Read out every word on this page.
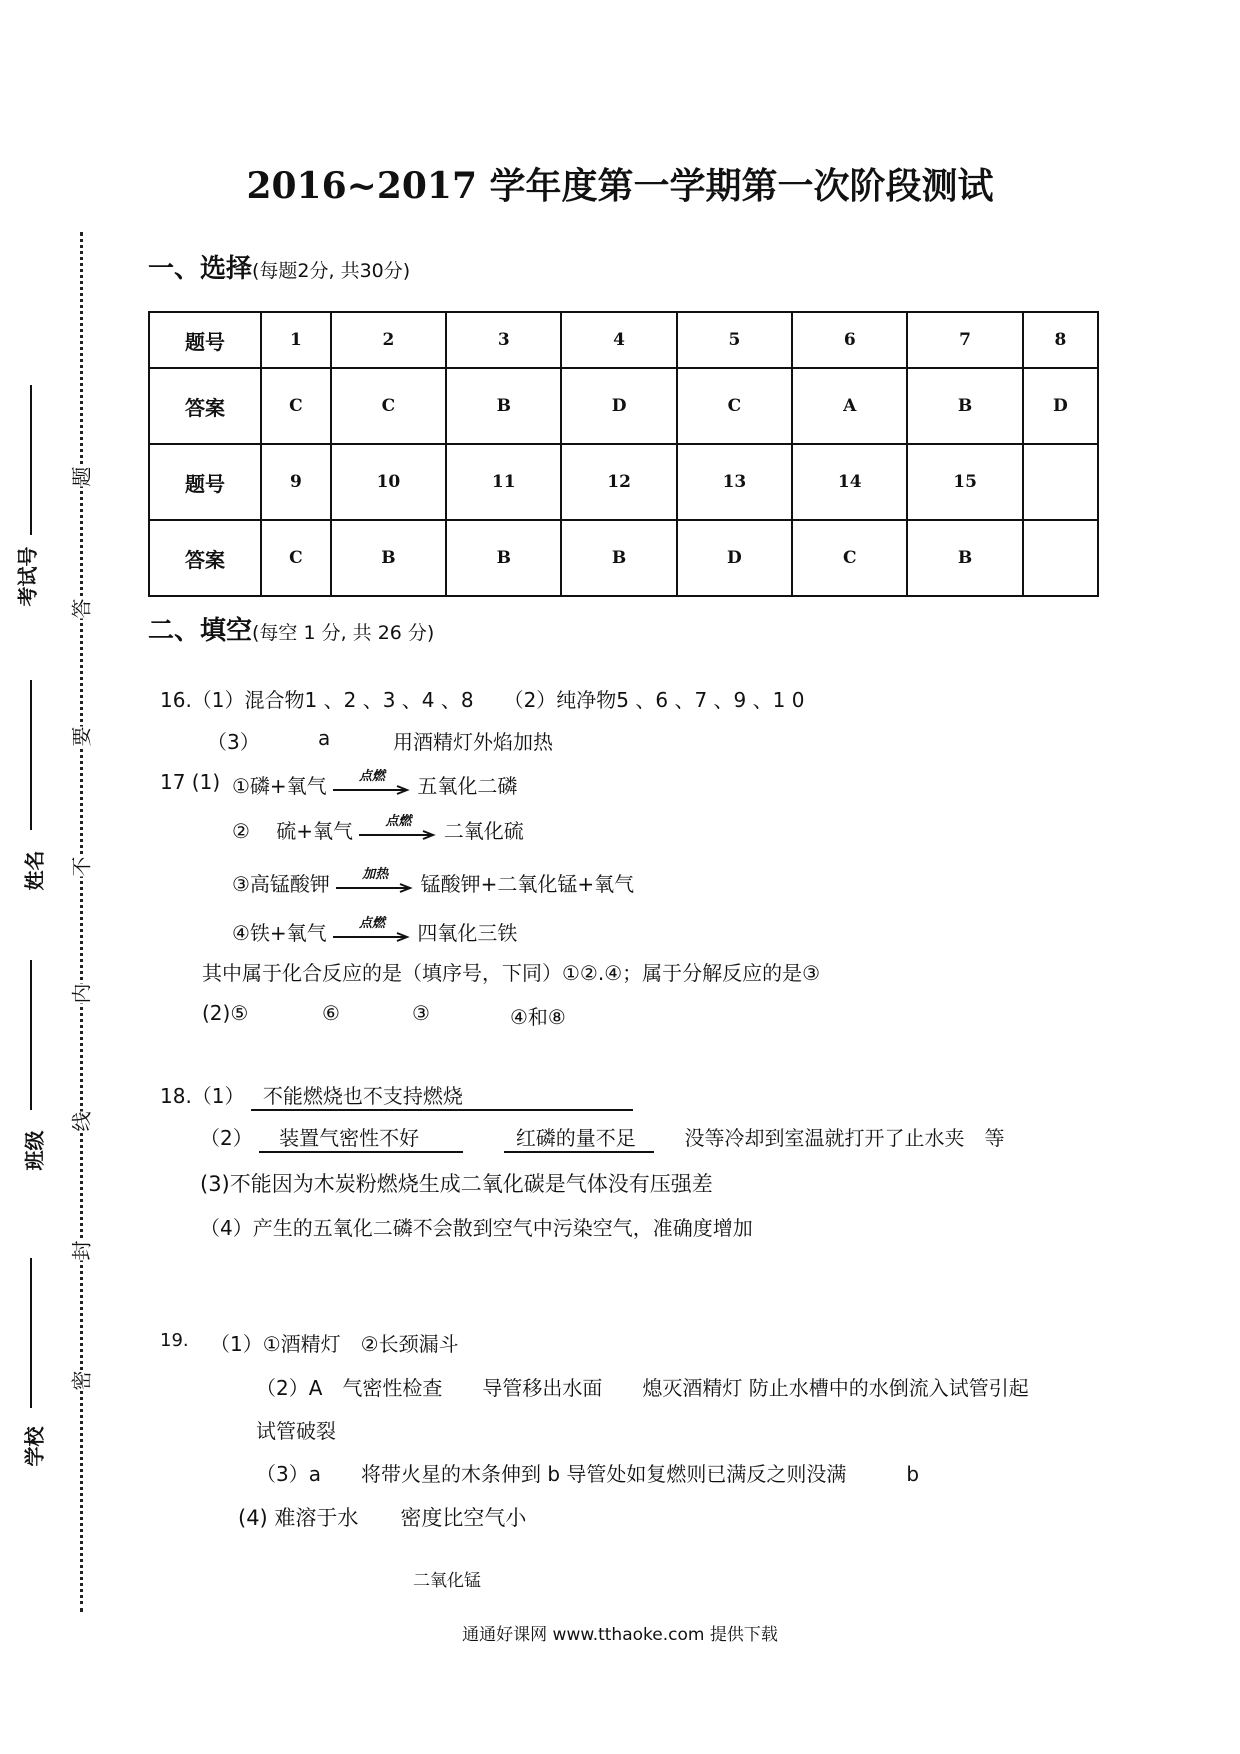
考试号
姓名
班级
学校
题
答
要
不
内
线
封
密
2016~2017 学年度第一学期第一次阶段测试
一、选择(每题2分, 共30分)
题号	1	2	3	4	5	6	7	8
答案	C	C	B	D	C	A	B	D
题号	9	10	11	12	13	14	15	
答案	C	B	B	B	D	C	B	
二、填空(每空 1 分, 共 26 分)
16.（1）混合物1 、2 、3 、4 、8　　（2）纯净物5 、6 、7 、9 、1 0
（3）	a	用酒精灯外焰加热
17 (1) ①磷+氧气	点燃	五氧化二磷
②　 硫+氧气	点燃	二氧化硫
③高锰酸钾	加热	锰酸钾+二氧化锰+氧气
④铁+氧气	点燃	四氧化三铁
其中属于化合反应的是（填序号，下同）①②.④；属于分解反应的是③
(2)⑤	⑥	③	④和⑧
18.（1） 不能燃烧也不支持燃烧
（2） 装置气密性不好	红磷的量不足 没等冷却到室温就打开了止水夹　等
(3)不能因为木炭粉燃烧生成二氧化碳是气体没有压强差
（4）产生的五氧化二磷不会散到空气中污染空气，准确度增加
19. （1）①酒精灯　②长颈漏斗
（2）A　气密性检查　　导管移出水面　　熄灭酒精灯 防止水槽中的水倒流入试管引起
试管破裂
（3）a　　将带火星的木条伸到 b 导管处如复燃则已满反之则没满　　　b
(4) 难溶于水　　密度比空气小
二氧化锰
通通好课网 www.tthaoke.com 提供下载
